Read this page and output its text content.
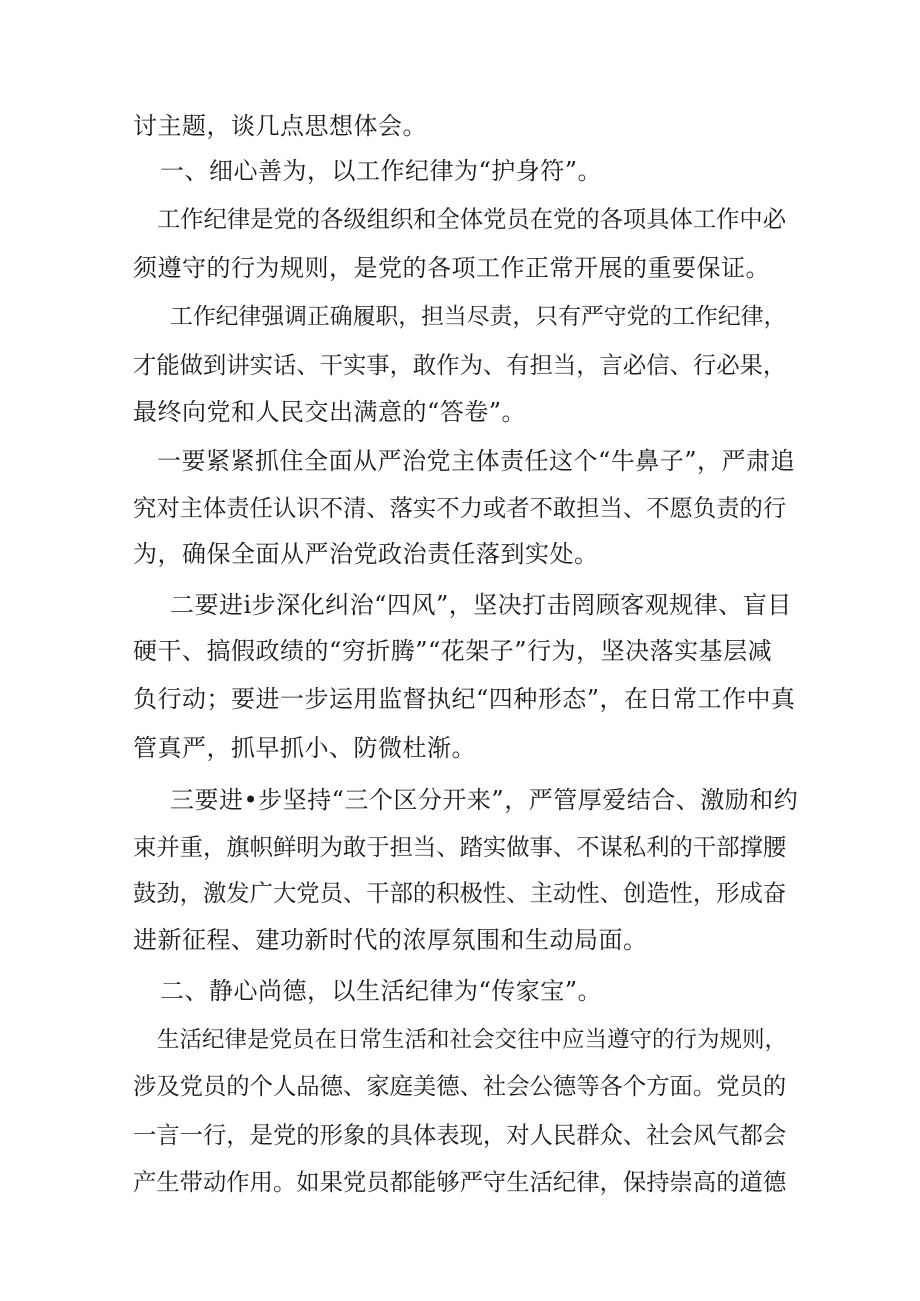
讨主题，谈几点思想体会。
一、细心善为，以工作纪律为“护身符”。
工作纪律是党的各级组织和全体党员在党的各项具体工作中必
须遵守的行为规则，是党的各项工作正常开展的重要保证。
工作纪律强调正确履职，担当尽责，只有严守党的工作纪律，
才能做到讲实话、干实事，敢作为、有担当，言必信、行必果，
最终向党和人民交出满意的“答卷”。
一要紧紧抓住全面从严治党主体责任这个“牛鼻子”，严肃追
究对主体责任认识不清、落实不力或者不敢担当、不愿负责的行
为，确保全面从严治党政治责任落到实处。
二要进i步深化纠治“四风”，坚决打击罔顾客观规律、盲目
硬干、搞假政绩的“穷折腾”“花架子”行为，坚决落实基层减
负行动；要进一步运用监督执纪“四种形态”，在日常工作中真
管真严，抓早抓小、防微杜渐。
三要进•步坚持“三个区分开来”，严管厚爱结合、激励和约
束并重，旗帜鲜明为敢于担当、踏实做事、不谋私利的干部撑腰
鼓劲，激发广大党员、干部的积极性、主动性、创造性，形成奋
进新征程、建功新时代的浓厚氛围和生动局面。
二、静心尚德，以生活纪律为“传家宝”。
生活纪律是党员在日常生活和社会交往中应当遵守的行为规则，
涉及党员的个人品德、家庭美德、社会公德等各个方面。党员的
一言一行，是党的形象的具体表现，对人民群众、社会风气都会
产生带动作用。如果党员都能够严守生活纪律，保持崇高的道德
